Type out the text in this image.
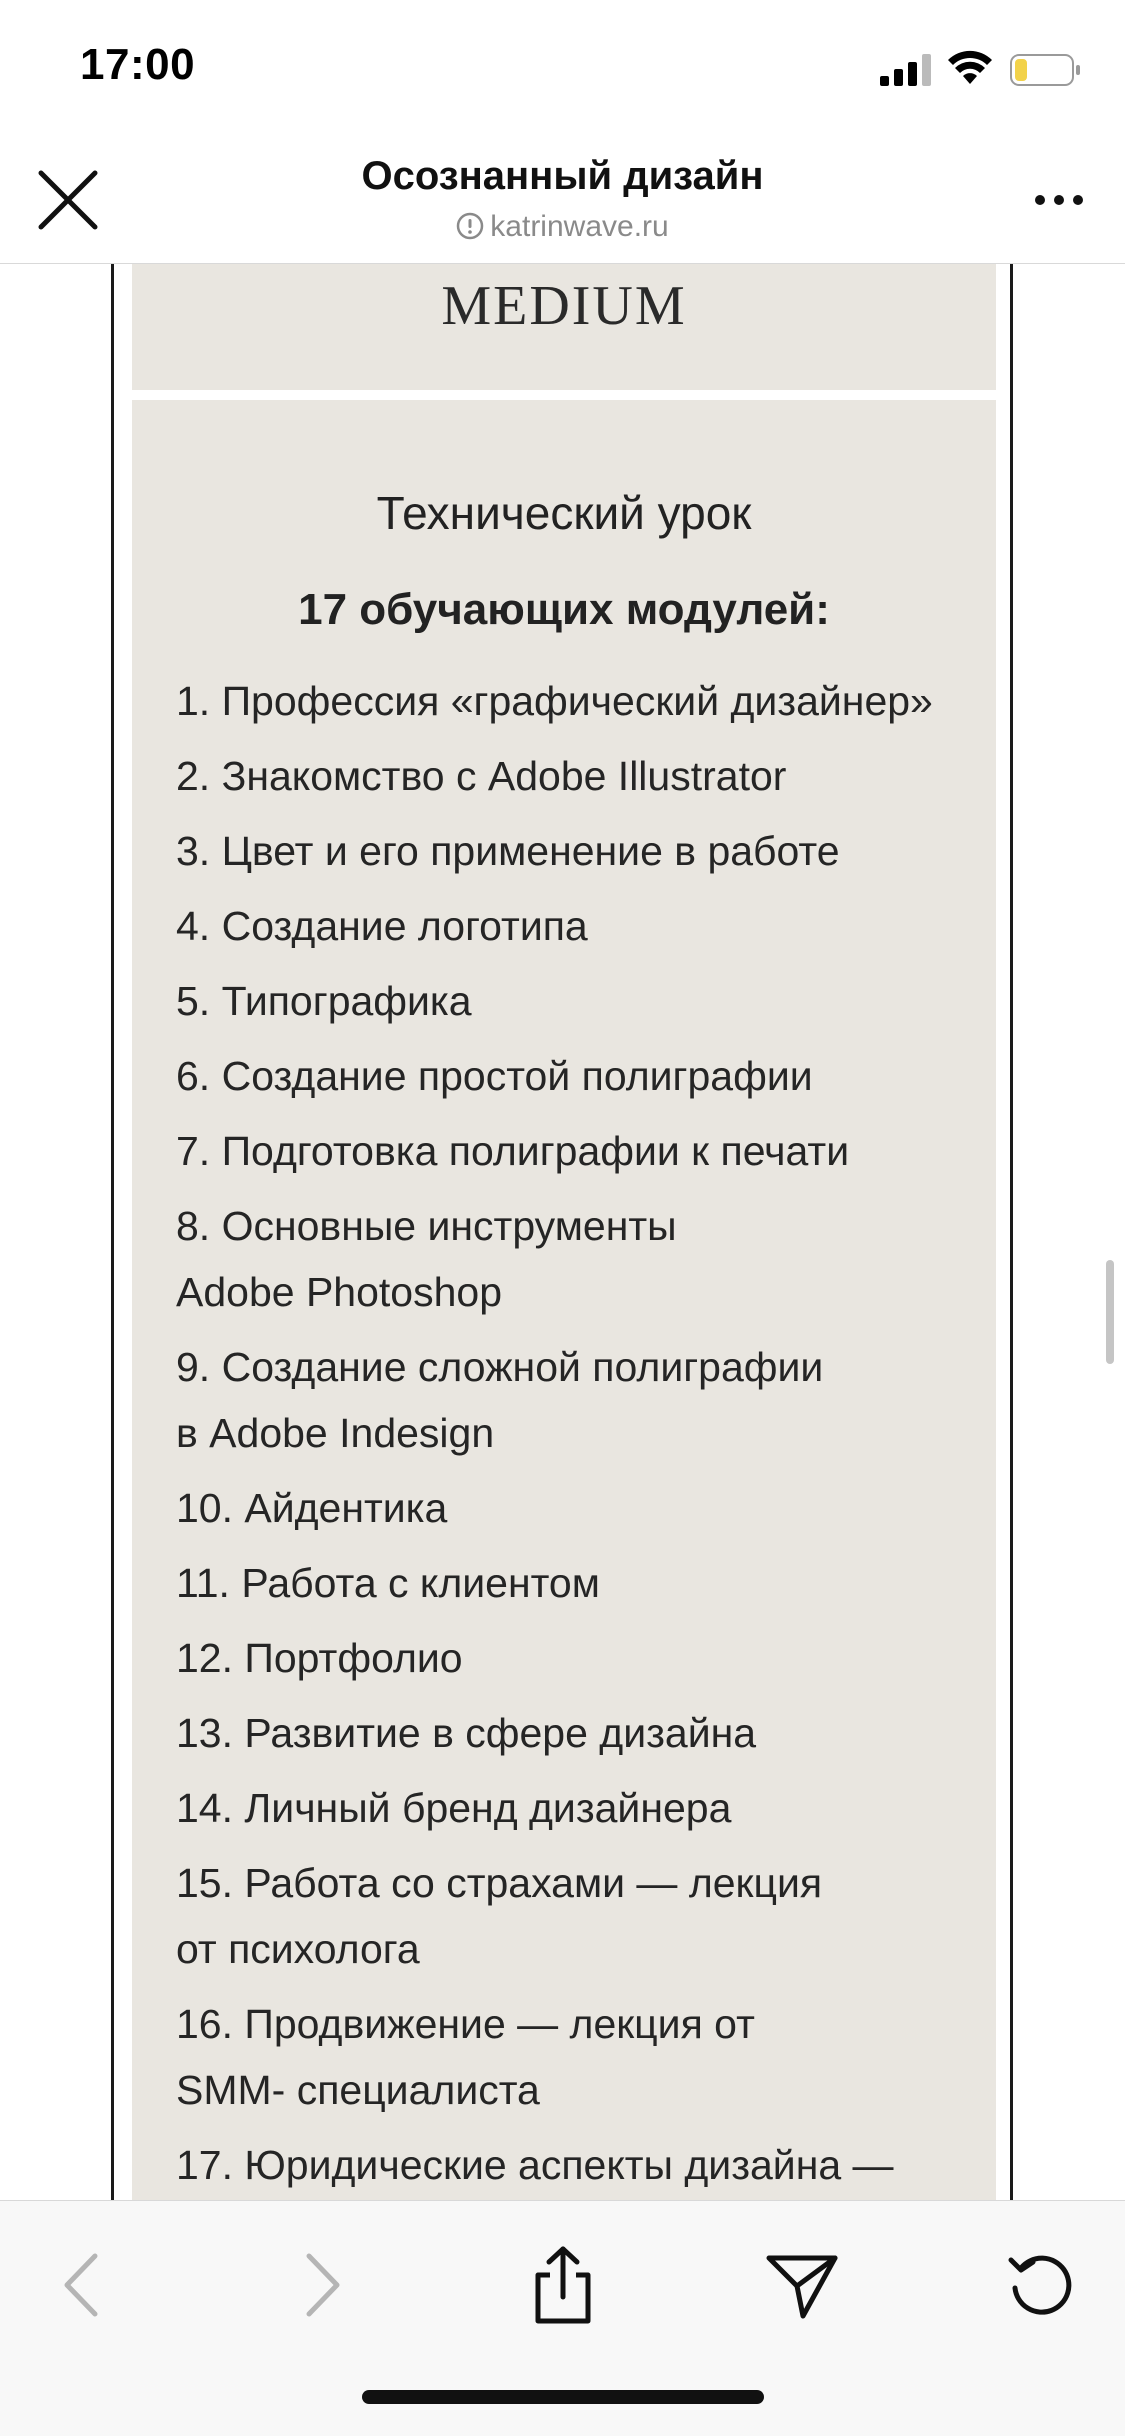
17:00
Осознанный дизайн
katrinwave.ru
MEDIUM
Технический урок
17 обучающих модулей:
1. Профессия «графический дизайнер»
2. Знакомство с Adobe Illustrator
3. Цвет и его применение в работе
4. Создание логотипа
5. Типографика
6. Создание простой полиграфии
7. Подготовка полиграфии к печати
8. Основные инструменты
Adobe Photoshop
9. Создание сложной полиграфии
в Adobe Indesign
10. Айдентика
11. Работа с клиентом
12. Портфолио
13. Развитие в сфере дизайна
14. Личный бренд дизайнера
15. Работа со страхами — лекция
от психолога
16. Продвижение — лекция от
SMM- специалиста
17. Юридические аспекты дизайна —
